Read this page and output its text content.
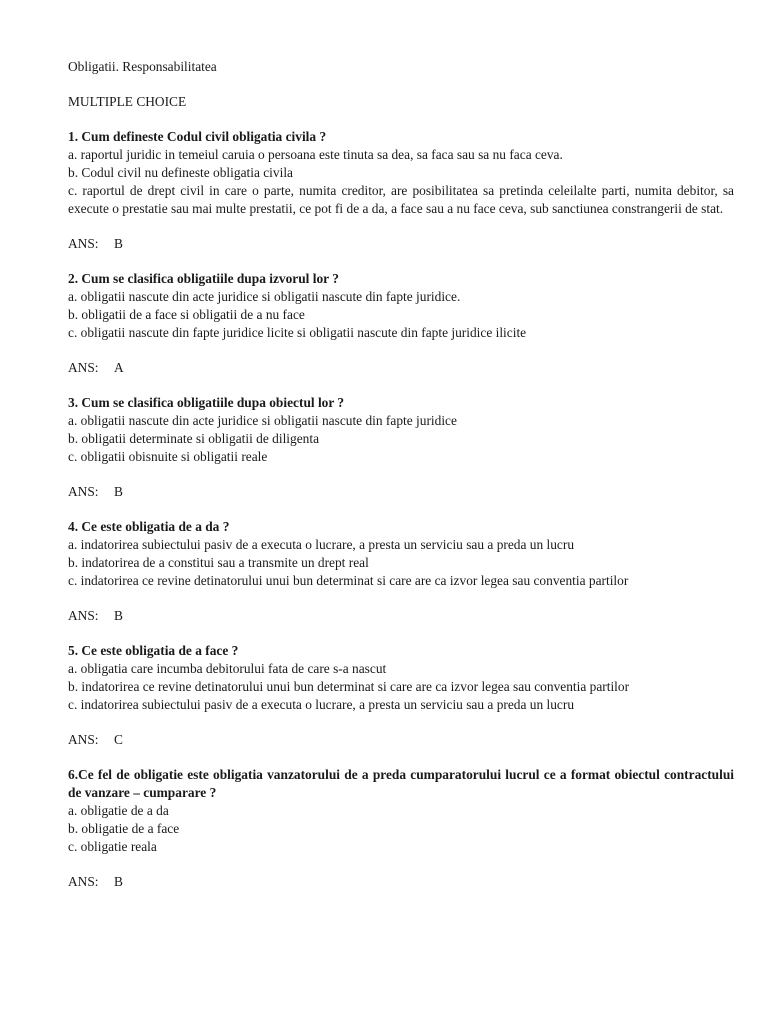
Obligatii. Responsabilitatea
MULTIPLE CHOICE
1. Cum defineste Codul civil obligatia civila ?
a. raportul juridic in temeiul caruia o persoana este tinuta sa dea, sa faca sau sa nu faca ceva.
b. Codul civil nu defineste obligatia civila
c. raportul de drept civil in care o parte, numita creditor, are posibilitatea sa pretinda celeilalte parti, numita debitor, sa execute o prestatie sau mai multe prestatii, ce pot fi de a da, a face sau a nu face ceva, sub sanctiunea constrangerii de stat.
ANS: B
2. Cum se clasifica obligatiile dupa izvorul lor ?
a. obligatii nascute din acte juridice si obligatii nascute din fapte juridice.
b. obligatii de a face si obligatii de a nu face
c. obligatii nascute din fapte juridice licite si obligatii nascute din fapte juridice ilicite
ANS: A
3. Cum se clasifica obligatiile dupa obiectul lor ?
a. obligatii nascute din acte juridice si obligatii nascute din fapte juridice
b. obligatii determinate si obligatii de diligenta
c. obligatii obisnuite si obligatii reale
ANS: B
4. Ce este obligatia de a da ?
a. indatorirea subiectului pasiv de a executa o lucrare, a presta un serviciu sau a preda un lucru
b. indatorirea de a constitui sau a transmite un drept real
c. indatorirea ce revine detinatorului unui bun determinat si care are ca izvor legea sau conventia partilor
ANS: B
5. Ce este obligatia de a face ?
a. obligatia care incumba debitorului fata de care s-a nascut
b. indatorirea ce revine detinatorului unui bun determinat si care are ca izvor legea sau conventia partilor
c. indatorirea subiectului pasiv de a executa o lucrare, a presta un serviciu sau a preda un lucru
ANS: C
6.Ce fel de obligatie este obligatia vanzatorului de a preda cumparatorului lucrul ce a format obiectul contractului de vanzare – cumparare ?
a. obligatie de a da
b. obligatie de a face
c. obligatie reala
ANS: B
